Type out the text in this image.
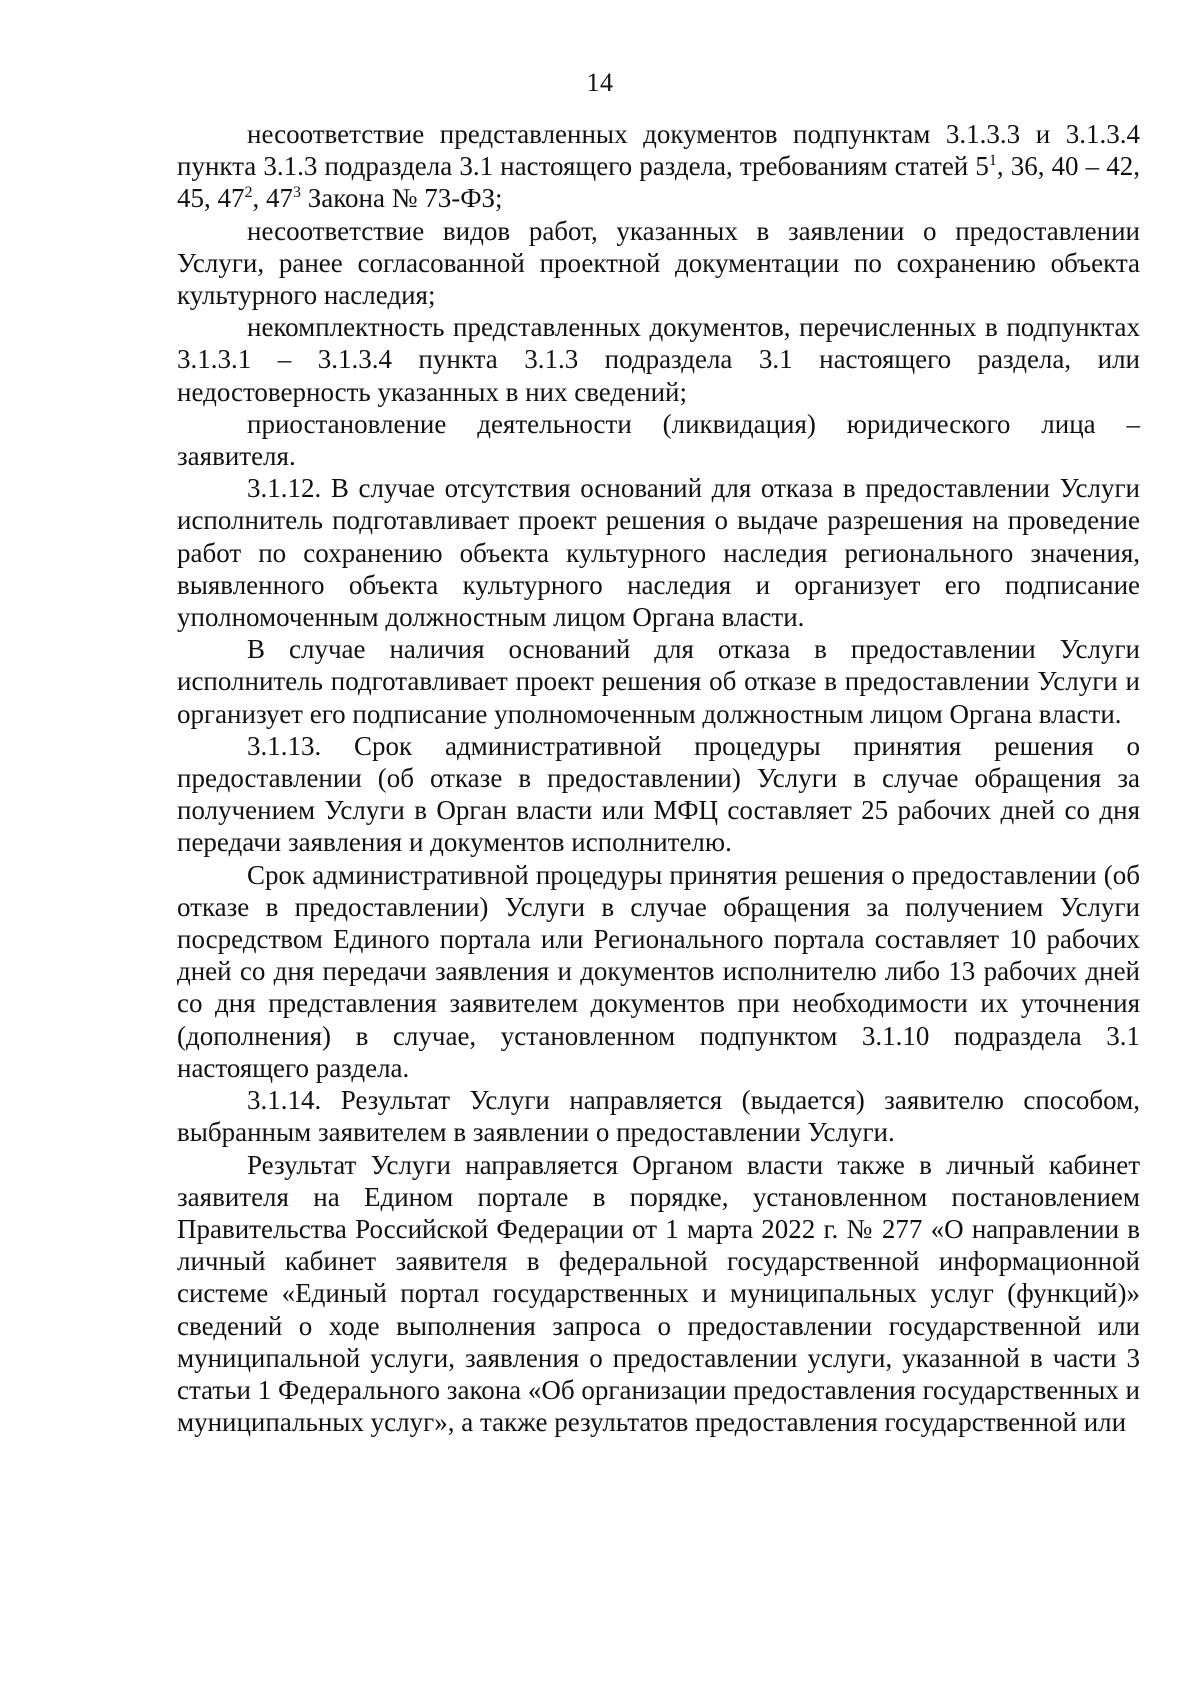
14

несоответствие представленных документов подпунктам 3.1.3.3 и 3.1.3.4 пункта 3.1.3 подраздела 3.1 настоящего раздела, требованиям статей $5^1$, 36, 40 – 42, 45, $47^2$, $47^3$ Закона № 73-ФЗ;

несоответствие видов работ, указанных в заявлении о предоставлении Услуги, ранее согласованной проектной документации по сохранению объекта культурного наследия;

некомплектность представленных документов, перечисленных в подпунктах 3.1.3.1 – 3.1.3.4 пункта 3.1.3 подраздела 3.1 настоящего раздела, или недостоверность указанных в них сведений;

приостановление деятельности (ликвидация) юридического лица – заявителя.

3.1.12. В случае отсутствия оснований для отказа в предоставлении Услуги исполнитель подготавливает проект решения о выдаче разрешения на проведение работ по сохранению объекта культурного наследия регионального значения, выявленного объекта культурного наследия и организует его подписание уполномоченным должностным лицом Органа власти.

В случае наличия оснований для отказа в предоставлении Услуги исполнитель подготавливает проект решения об отказе в предоставлении Услуги и организует его подписание уполномоченным должностным лицом Органа власти.

3.1.13. Срок административной процедуры принятия решения о предоставлении (об отказе в предоставлении) Услуги в случае обращения за получением Услуги в Орган власти или МФЦ составляет 25 рабочих дней со дня передачи заявления и документов исполнителю.

Срок административной процедуры принятия решения о предоставлении (об отказе в предоставлении) Услуги в случае обращения за получением Услуги посредством Единого портала или Регионального портала составляет 10 рабочих дней со дня передачи заявления и документов исполнителю либо 13 рабочих дней со дня представления заявителем документов при необходимости их уточнения (дополнения) в случае, установленном подпунктом 3.1.10 подраздела 3.1 настоящего раздела.

3.1.14. Результат Услуги направляется (выдается) заявителю способом, выбранным заявителем в заявлении о предоставлении Услуги.

Результат Услуги направляется Органом власти также в личный кабинет заявителя на Едином портале в порядке, установленном постановлением Правительства Российской Федерации от 1 марта 2022 г. № 277 «О направлении в личный кабинет заявителя в федеральной государственной информационной системе «Единый портал государственных и муниципальных услуг (функций)» сведений о ходе выполнения запроса о предоставлении государственной или муниципальной услуги, заявления о предоставлении услуги, указанной в части 3 статьи 1 Федерального закона «Об организации предоставления государственных и муниципальных услуг», а также результатов предоставления государственной или
